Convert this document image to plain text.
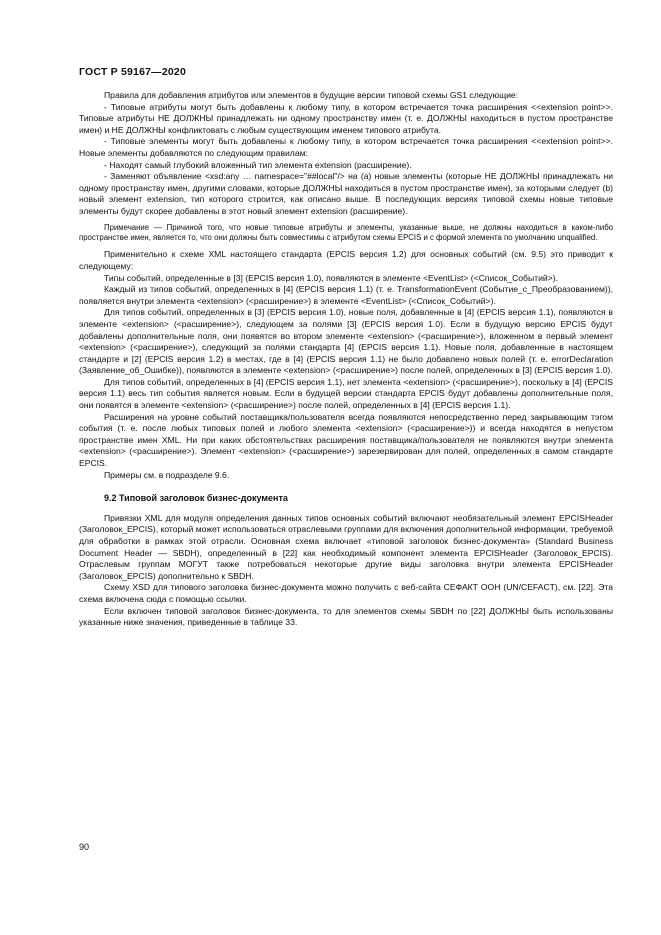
ГОСТ Р 59167—2020

Правила для добавления атрибутов или элементов в будущие версии типовой схемы GS1 следующие:

- Типовые атрибуты могут быть добавлены к любому типу, в котором встречается точка расширения <<extension point>>. Типовые атрибуты НЕ ДОЛЖНЫ принадлежать ни одному пространству имен (т. е. ДОЛЖНЫ находиться в пустом пространстве имен) и НЕ ДОЛЖНЫ конфликтовать с любым существующим именем типового атрибута.

- Типовые элементы могут быть добавлены к любому типу, в котором встречается точка расширения <<extension point>>. Новые элементы добавляются по следующим правилам:

- Находят самый глубокий вложенный тип элемента extension (расширение).

- Заменяют объявление <xsd:any … namespace="##local"/> на (а) новые элементы (которые НЕ ДОЛЖНЫ принадлежать ни одному пространству имен, другими словами, которые ДОЛЖНЫ находиться в пустом пространстве имен), за которыми следует (b) новый элемент extension, тип которого строится, как описано выше. В последующих версиях типовой схемы новые типовые элементы будут скорее добавлены в этот новый элемент extension (расширение).

Примечание — Причиной того, что новые типовые атрибуты и элементы, указанные выше, не должны находиться в каком-либо пространстве имен, является то, что они должны быть совместимы с атрибутом схемы EPCIS и с формой элемента по умолчанию unqualified.

Применительно к схеме XML настоящего стандарта (EPCIS версия 1.2) для основных событий (см. 9.5) это приводит к следующему:

Типы событий, определенные в [3] (EPCIS версия 1.0), появляются в элементе <EventList> (<Список_Событий>).

Каждый из типов событий, определенных в [4] (EPCIS версия 1.1) (т. е. TransformationEvent (Событие_с_Преобразованием)), появляется внутри элемента <extension> (<расширение>) в элементе <EventList> (<Список_Событий>).

Для типов событий, определенных в [3] (EPCIS версия 1.0), новые поля, добавленные в [4] (EPCIS версия 1.1), появляются в элементе <extension> (<расширение>), следующем за полями [3] (EPCIS версия 1.0). Если в будущую версию EPCIS будут добавлены дополнительные поля, они появятся во втором элементе <extension> (<расширение>), вложенном в первый элемент <extension> (<расширение>), следующий за полями стандарта [4] (EPCIS версия 1.1). Новые поля, добавленные в настоящем стандарте и [2] (EPCIS версия 1.2) в местах, где в [4] (EPCIS версия 1.1) не было добавлено новых полей (т. е. errorDeclaration (Заявление_об_Ошибке)), появляются в элементе <extension> (<расширение>) после полей, определенных в [3] (EPCIS версия 1.0).

Для типов событий, определенных в [4] (EPCIS версия 1.1), нет элемента <extension> (<расширение>), поскольку в [4] (EPCIS версия 1.1) весь тип события является новым. Если в будущей версии стандарта EPCIS будут добавлены дополнительные поля, они появятся в элементе <extension> (<расширение>) после полей, определенных в [4] (EPCIS версия 1.1).

Расширения на уровне событий поставщика/пользователя всегда появляются непосредственно перед закрывающим тэгом события (т. е. после любых типовых полей и любого элемента <extension> (<расширение>)) и всегда находятся в непустом пространстве имен XML. Ни при каких обстоятельствах расширения поставщика/пользователя не появляются внутри элемента <extension> (<расширение>). Элемент <extension> (<расширение>) зарезервирован для полей, определенных в самом стандарте EPCIS.

Примеры см. в подразделе 9.6.

9.2 Типовой заголовок бизнес-документа

Привязки XML для модуля определения данных типов основных событий включают необязательный элемент EPCISHeader (Заголовок_EPCIS), который может использоваться отраслевыми группами для включения дополнительной информации, требуемой для обработки в рамках этой отрасли. Основная схема включает «типовой заголовок бизнес-документа» (Standard Business Document Header — SBDH), определенный в [22] как необходимый компонент элемента EPCISHeader (Заголовок_EPCIS). Отраслевым группам МОГУТ также потребоваться некоторые другие виды заголовка внутри элемента EPCISHeader (Заголовок_EPCIS) дополнительно к SBDH.

Схему XSD для типового заголовка бизнес-документа можно получить с веб-сайта СЕФАКТ ООН (UN/CEFACT), см. [22]. Эта схема включена сюда с помощью ссылки.

Если включен типовой заголовок бизнес-документа, то для элементов схемы SBDH по [22] ДОЛЖНЫ быть использованы указанные ниже значения, приведенные в таблице 33.

90
